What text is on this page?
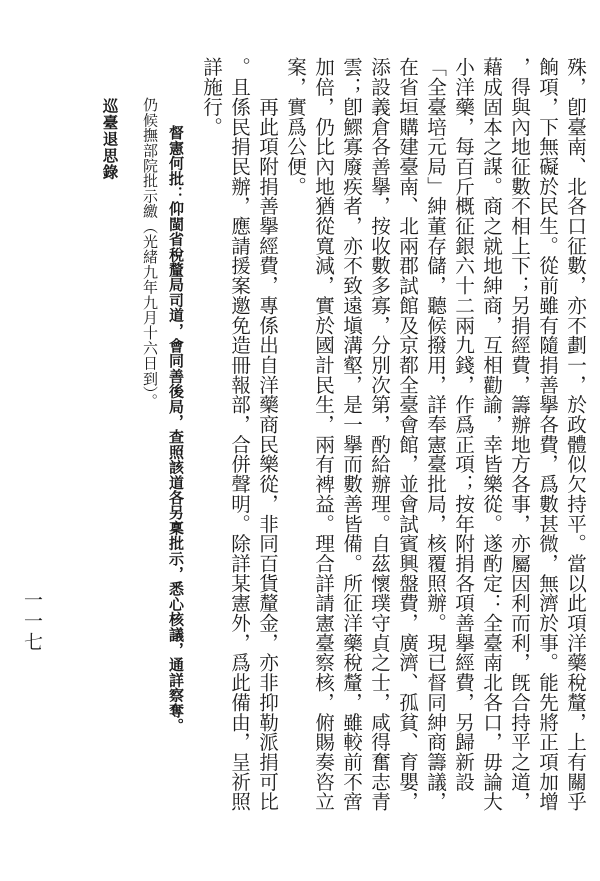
殊，卽臺南、北各口征數，亦不劃一，於政體似欠持平。當以此項洋藥稅釐，上有關乎
餉項，下無礙於民生。從前雖有隨捐善擧各費，爲數甚微，無濟於事。能先將正項加增
，得與內地征數不相上下；另捐經費，籌辦地方各事，亦屬因利而利，旣合持平之道，
藉成固本之謀。商之就地紳商，互相勸諭，幸皆樂從。遂酌定：全臺南北各口，毋論大
小洋藥，每百斤概征銀六十二兩九錢，作爲正項；按年附捐各項善擧經費，另歸新設
「全臺培元局」紳董存儲，聽候撥用，詳奉憲臺批局，核覆照辦。現已督同紳商籌議，
在省垣購建臺南、北兩郡試館及京都全臺會館，並會試賓興盤費，廣濟、孤貧、育嬰，
添設義倉各善擧，按收數多寡，分別次第，酌給辦理。自茲懷璞守貞之士，咸得奮志青
雲；卽鰥寡廢疾者，亦不致遠塡溝壑，是一擧而數善皆備。所征洋藥稅釐，雖較前不啻
加倍，仍比內地猶從寬減，實於國計民生，兩有裨益。理合詳請憲臺察核，俯賜奏咨立
案，實爲公便。
　　再此項附捐善擧經費，專係出自洋藥商民樂從，非同百貨釐金，亦非抑勒派捐可比
。且係民捐民辦，應請援案邀免造冊報部，合併聲明。除詳某憲外，爲此備由，呈祈照
詳施行。
督憲何批：仰閩省稅釐局司道，會同善後局，查照該道各另稟批示，悉心核議，通詳察奪。
仍候撫部院批示繳（光緒九年九月十六日到）。
巡臺退思錄
一一七
